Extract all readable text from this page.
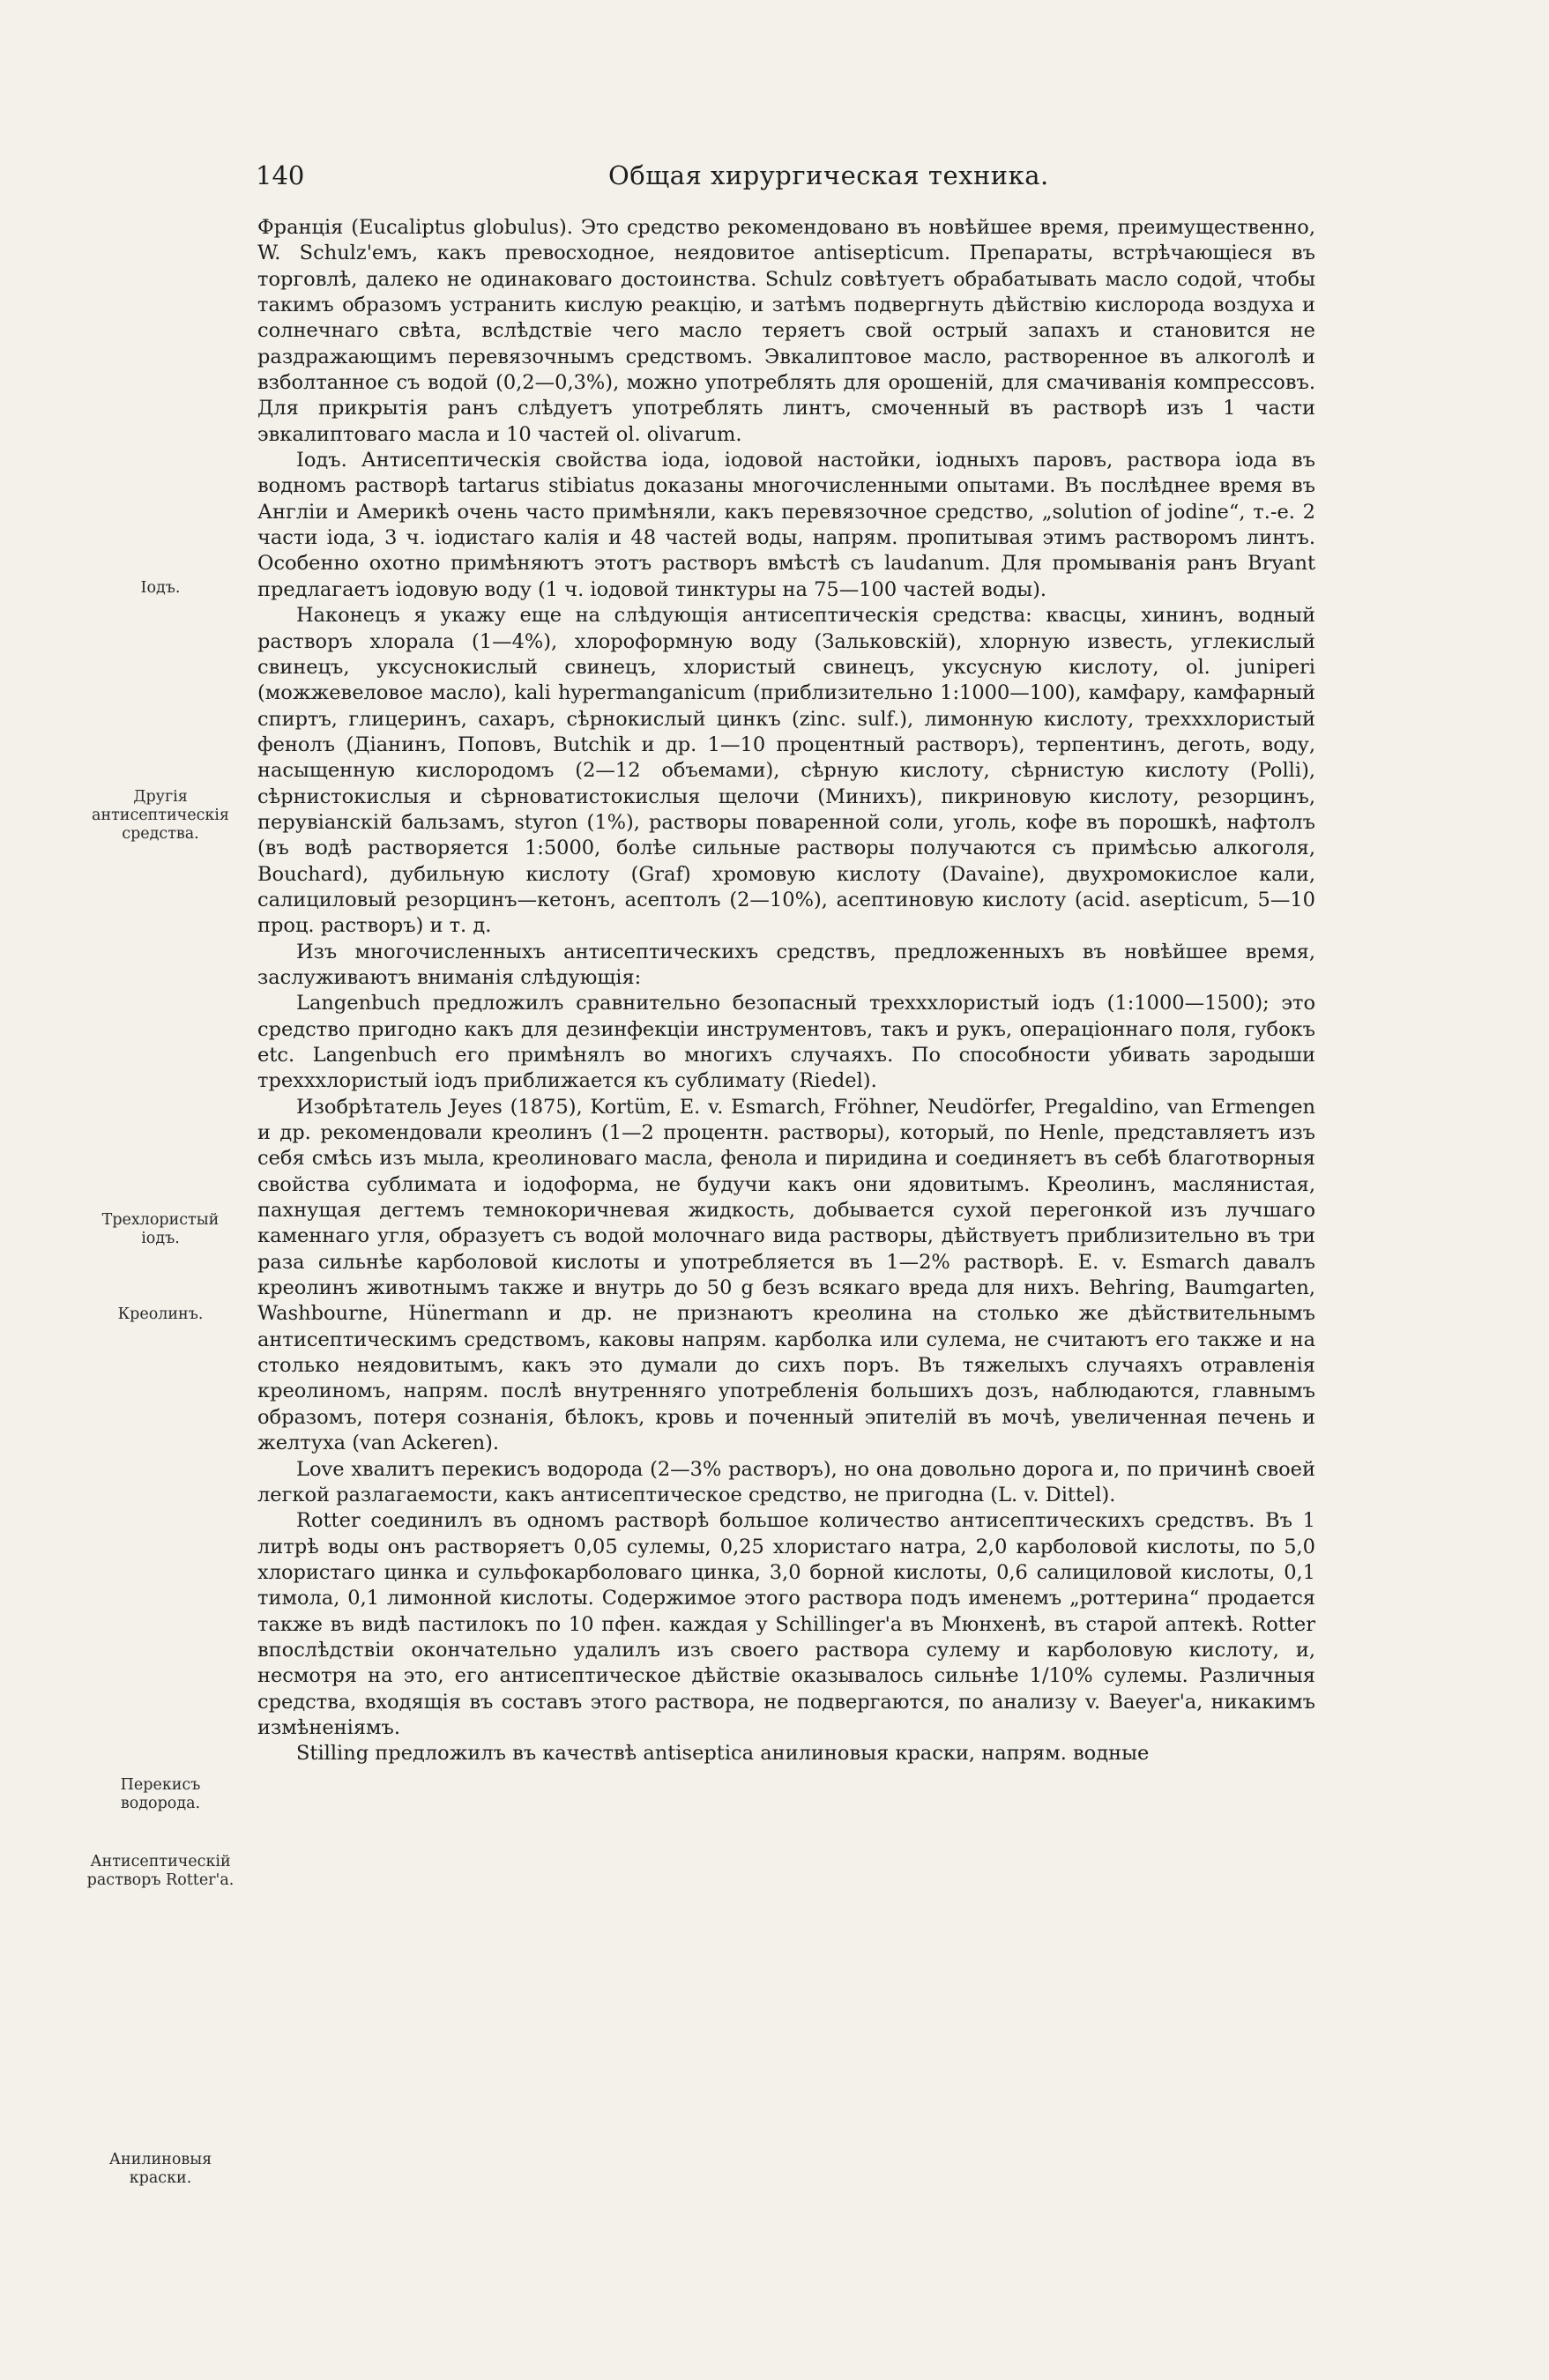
140	Общая хирургическая техника.
Іодъ.
Другія антисептическія средства.
Трехлористый іодъ.
Креолинъ.
Перекисъ водорода.
Антисептическій растворъ Rotter'а.
Анилиновыя краски.

Франція (Eucaliptus globulus). Это средство рекомендовано въ новѣйшее время, преимущественно, W. Schulz'емъ, какъ превосходное, неядовитое antisepticum. Препараты, встрѣчающіеся въ торговлѣ, далеко не одинаковаго достоинства. Schulz совѣтуетъ обрабатывать масло содой, чтобы такимъ образомъ устранить кислую реакцію, и затѣмъ подвергнуть дѣйствію кислорода воздуха и солнечнаго свѣта, вслѣдствіе чего масло теряетъ свой острый запахъ и становится не раздражающимъ перевязочнымъ средствомъ. Эвкалиптовое масло, растворенное въ алкоголѣ и взболтанное съ водой (0,2—0,3%), можно употреблять для орошеній, для смачиванія компрессовъ. Для прикрытія ранъ слѣдуетъ употреблять линтъ, смоченный въ растворѣ изъ 1 части эвкалиптоваго масла и 10 частей ol. olivarum.

Іодъ. Антисептическія свойства іода, іодовой настойки, іодныхъ паровъ, раствора іода въ водномъ растворѣ tartarus stibiatus доказаны многочисленными опытами. Въ послѣднее время въ Англіи и Америкѣ очень часто примѣняли, какъ перевязочное средство, „solution of jodine“, т.-е. 2 части іода, 3 ч. іодистаго калія и 48 частей воды, напрям. пропитывая этимъ растворомъ линтъ. Особенно охотно примѣняютъ этотъ растворъ вмѣстѣ съ laudanum. Для промыванія ранъ Bryant предлагаетъ іодовую воду (1 ч. іодовой тинктуры на 75—100 частей воды).

Наконецъ я укажу еще на слѣдующія антисептическія средства: квасцы, хининъ, водный растворъ хлорала (1—4%), хлороформную воду (Зальковскій), хлорную известь, углекислый свинецъ, уксуснокислый свинецъ, хлористый свинецъ, уксусную кислоту, ol. juniperi (можжевеловое масло), kali hypermanganicum (приблизительно 1:1000—100), камфару, камфарный спиртъ, глицеринъ, сахаръ, сѣрнокислый цинкъ (zinc. sulf.), лимонную кислоту, трехххлористый фенолъ (Діанинъ, Поповъ, Butchik и др. 1—10 процентный растворъ), терпентинъ, деготь, воду, насыщенную кислородомъ (2—12 объемами), сѣрную кислоту, сѣрнистую кислоту (Polli), сѣрнистокислыя и сѣрноватистокислыя щелочи (Минихъ), пикриновую кислоту, резорцинъ, перувіанскій бальзамъ, styron (1%), растворы поваренной соли, уголь, кофе въ порошкѣ, нафтолъ (въ водѣ растворяется 1:5000, болѣе сильные растворы получаются съ примѣсью алкоголя, Bouchard), дубильную кислоту (Graf) хромовую кислоту (Davaine), двухромокислое кали, салициловый резорцинъ—кетонъ, асептолъ (2—10%), асептиновую кислоту (acid. asepticum, 5—10 проц. растворъ) и т. д.

Изъ многочисленныхъ антисептическихъ средствъ, предложенныхъ въ новѣйшее время, заслуживаютъ вниманія слѣдующія:

Langenbuch предложилъ сравнительно безопасный трехххлористый іодъ (1:1000—1500); это средство пригодно какъ для дезинфекціи инструментовъ, такъ и рукъ, операціоннаго поля, губокъ etc. Langenbuch его примѣнялъ во многихъ случаяхъ. По способности убивать зародыши трехххлористый іодъ приближается къ сублимату (Riedel).

Изобрѣтатель Jeyes (1875), Kortüm, E. v. Esmarch, Fröhner, Neudörfer, Pregaldino, van Ermengen и др. рекомендовали креолинъ (1—2 процентн. растворы), который, по Henle, представляетъ изъ себя смѣсь изъ мыла, креолиноваго масла, фенола и пиридина и соединяетъ въ себѣ благотворныя свойства сублимата и іодоформа, не будучи какъ они ядовитымъ. Креолинъ, маслянистая, пахнущая дегтемъ темнокоричневая жидкость, добывается сухой перегонкой изъ лучшаго каменнаго угля, образуетъ съ водой молочнаго вида растворы, дѣйствуетъ приблизительно въ три раза сильнѣе карболовой кислоты и употребляется въ 1—2% растворѣ. E. v. Esmarch давалъ креолинъ животнымъ также и внутрь до 50 g безъ всякаго вреда для нихъ. Behring, Baumgarten, Washbourne, Hünermann и др. не признаютъ креолина на столько же дѣйствительнымъ антисептическимъ средствомъ, каковы напрям. карболка или сулема, не считаютъ его также и на столько неядовитымъ, какъ это думали до сихъ поръ. Въ тяжелыхъ случаяхъ отравленія креолиномъ, напрям. послѣ внутренняго употребленія большихъ дозъ, наблюдаются, главнымъ образомъ, потеря сознанія, бѣлокъ, кровь и поченный эпителій въ мочѣ, увеличенная печень и желтуха (van Ackeren).

Love хвалитъ перекисъ водорода (2—3% растворъ), но она довольно дорога и, по причинѣ своей легкой разлагаемости, какъ антисептическое средство, не пригодна (L. v. Dittel).

Rotter соединилъ въ одномъ растворѣ большое количество антисептическихъ средствъ. Въ 1 литрѣ воды онъ растворяетъ 0,05 сулемы, 0,25 хлористаго натра, 2,0 карболовой кислоты, по 5,0 хлористаго цинка и сульфокарболоваго цинка, 3,0 борной кислоты, 0,6 салициловой кислоты, 0,1 тимола, 0,1 лимонной кислоты. Содержимое этого раствора подъ именемъ „роттерина“ продается также въ видѣ пастилокъ по 10 пфен. каждая у Schillinger'а въ Мюнхенѣ, въ старой аптекѣ. Rotter впослѣдствіи окончательно удалилъ изъ своего раствора сулему и карболовую кислоту, и, несмотря на это, его антисептическое дѣйствіе оказывалось сильнѣе 1/10% сулемы. Различныя средства, входящія въ составъ этого раствора, не подвергаются, по анализу v. Baeyer'а, никакимъ измѣненіямъ.

Stilling предложилъ въ качествѣ antiseptica анилиновыя краски, напрям. водные
